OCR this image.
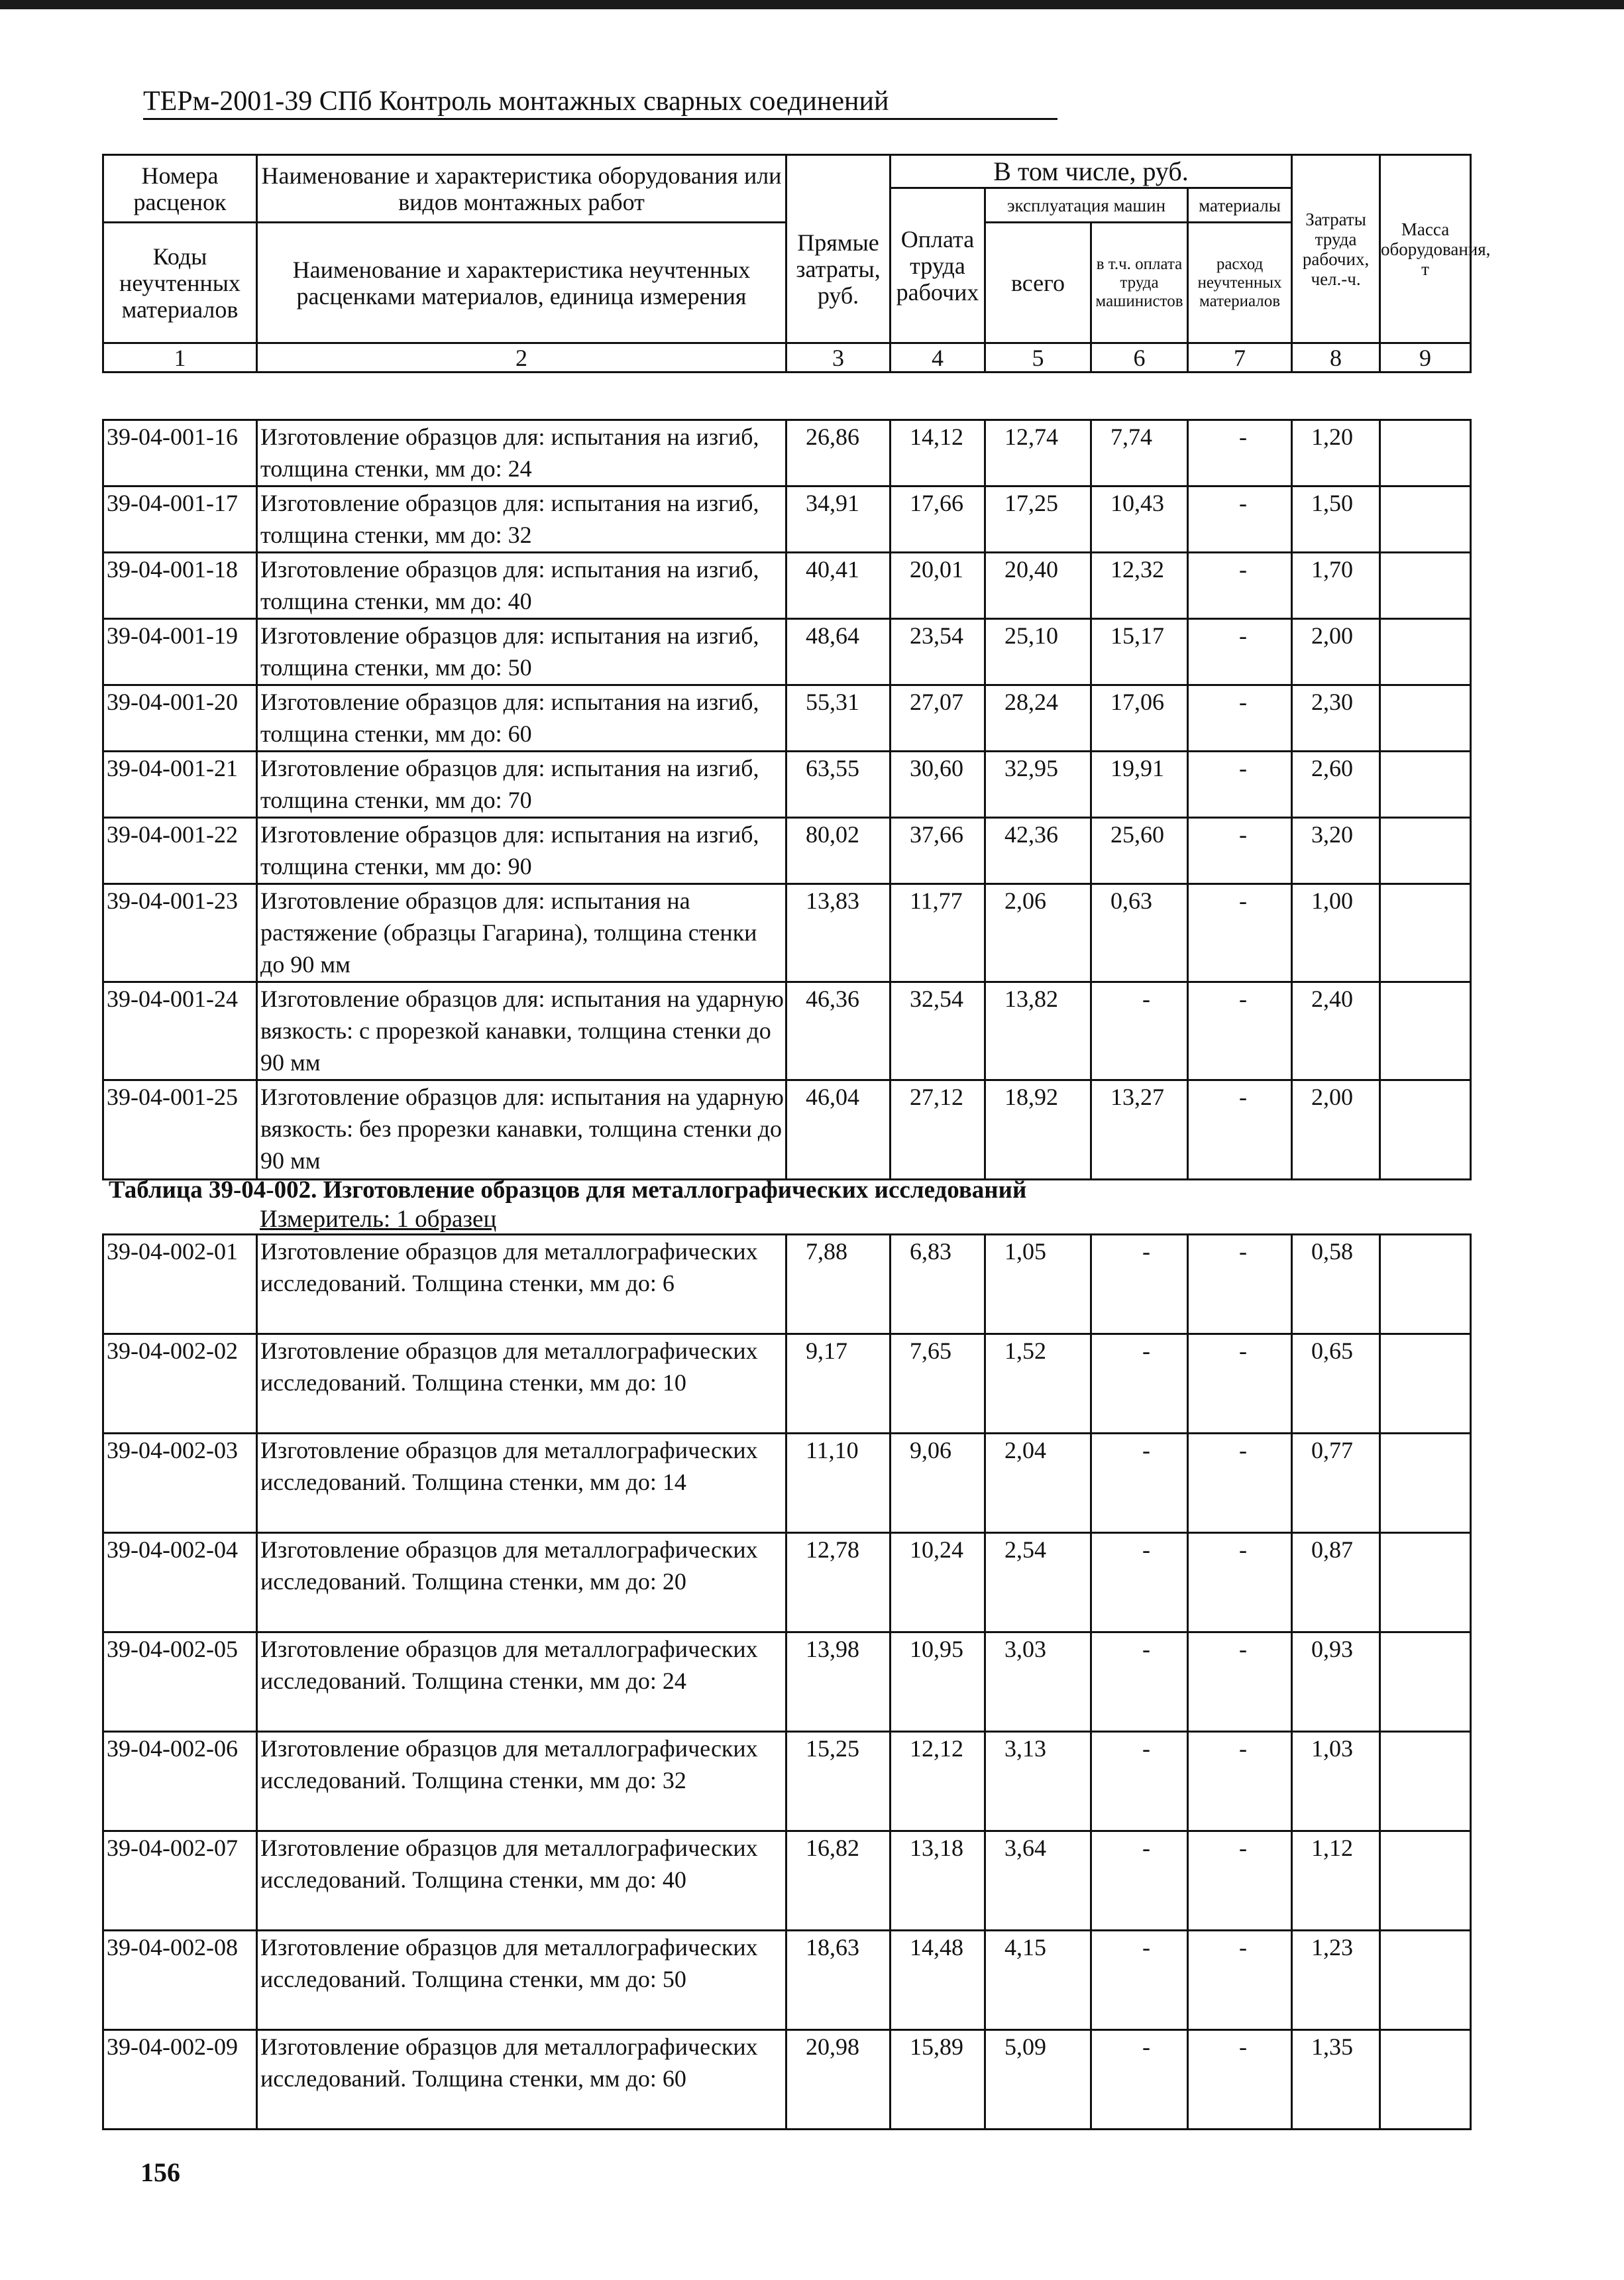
ТЕРм-2001-39 СПб Контроль монтажных сварных соединений
Номера расценок	Наименование и характеристика оборудования или видов монтажных работ	Прямые затраты, руб.	В том числе, руб.				Затраты труда рабочих, чел.-ч.	Масса оборудования, т
			Оплата труда рабочих	эксплуатация машин		материалы		

Коды неучтенных материалов	Наименование и характеристика неучтенных расценками материалов, единица измерения			всего	в т.ч. оплата труда машинистов	расход неучтенных материалов		

1	2	3	4	5	6	7	8	9
39-04-001-16	Изготовление образцов для: испытания на изгиб, толщина стенки, мм до: 24	26,86	14,12	12,74	7,74	-	1,20	
39-04-001-17	Изготовление образцов для: испытания на изгиб, толщина стенки, мм до: 32	34,91	17,66	17,25	10,43	-	1,50	
39-04-001-18	Изготовление образцов для: испытания на изгиб, толщина стенки, мм до: 40	40,41	20,01	20,40	12,32	-	1,70	
39-04-001-19	Изготовление образцов для: испытания на изгиб, толщина стенки, мм до: 50	48,64	23,54	25,10	15,17	-	2,00	
39-04-001-20	Изготовление образцов для: испытания на изгиб, толщина стенки, мм до: 60	55,31	27,07	28,24	17,06	-	2,30	
39-04-001-21	Изготовление образцов для: испытания на изгиб, толщина стенки, мм до: 70	63,55	30,60	32,95	19,91	-	2,60	
39-04-001-22	Изготовление образцов для: испытания на изгиб, толщина стенки, мм до: 90	80,02	37,66	42,36	25,60	-	3,20	
39-04-001-23	Изготовление образцов для: испытания на растяжение (образцы Гагарина), толщина стенки до 90 мм	13,83	11,77	2,06	0,63	-	1,00	
39-04-001-24	Изготовление образцов для: испытания на ударную вязкость: с прорезкой канавки, толщина стенки до 90 мм	46,36	32,54	13,82	-	-	2,40	
39-04-001-25	Изготовление образцов для: испытания на ударную вязкость: без прорезки канавки, толщина стенки до 90 мм	46,04	27,12	18,92	13,27	-	2,00	
Таблица 39-04-002. Изготовление образцов для металлографических исследований
Измеритель: 1 образец
39-04-002-01	Изготовление образцов для металлографических исследований. Толщина стенки, мм до: 6	7,88	6,83	1,05	-	-	0,58	
39-04-002-02	Изготовление образцов для металлографических исследований. Толщина стенки, мм до: 10	9,17	7,65	1,52	-	-	0,65	
39-04-002-03	Изготовление образцов для металлографических исследований. Толщина стенки, мм до: 14	11,10	9,06	2,04	-	-	0,77	
39-04-002-04	Изготовление образцов для металлографических исследований. Толщина стенки, мм до: 20	12,78	10,24	2,54	-	-	0,87	
39-04-002-05	Изготовление образцов для металлографических исследований. Толщина стенки, мм до: 24	13,98	10,95	3,03	-	-	0,93	
39-04-002-06	Изготовление образцов для металлографических исследований. Толщина стенки, мм до: 32	15,25	12,12	3,13	-	-	1,03	
39-04-002-07	Изготовление образцов для металлографических исследований. Толщина стенки, мм до: 40	16,82	13,18	3,64	-	-	1,12	
39-04-002-08	Изготовление образцов для металлографических исследований. Толщина стенки, мм до: 50	18,63	14,48	4,15	-	-	1,23	
39-04-002-09	Изготовление образцов для металлографических исследований. Толщина стенки, мм до: 60	20,98	15,89	5,09	-	-	1,35	
156
